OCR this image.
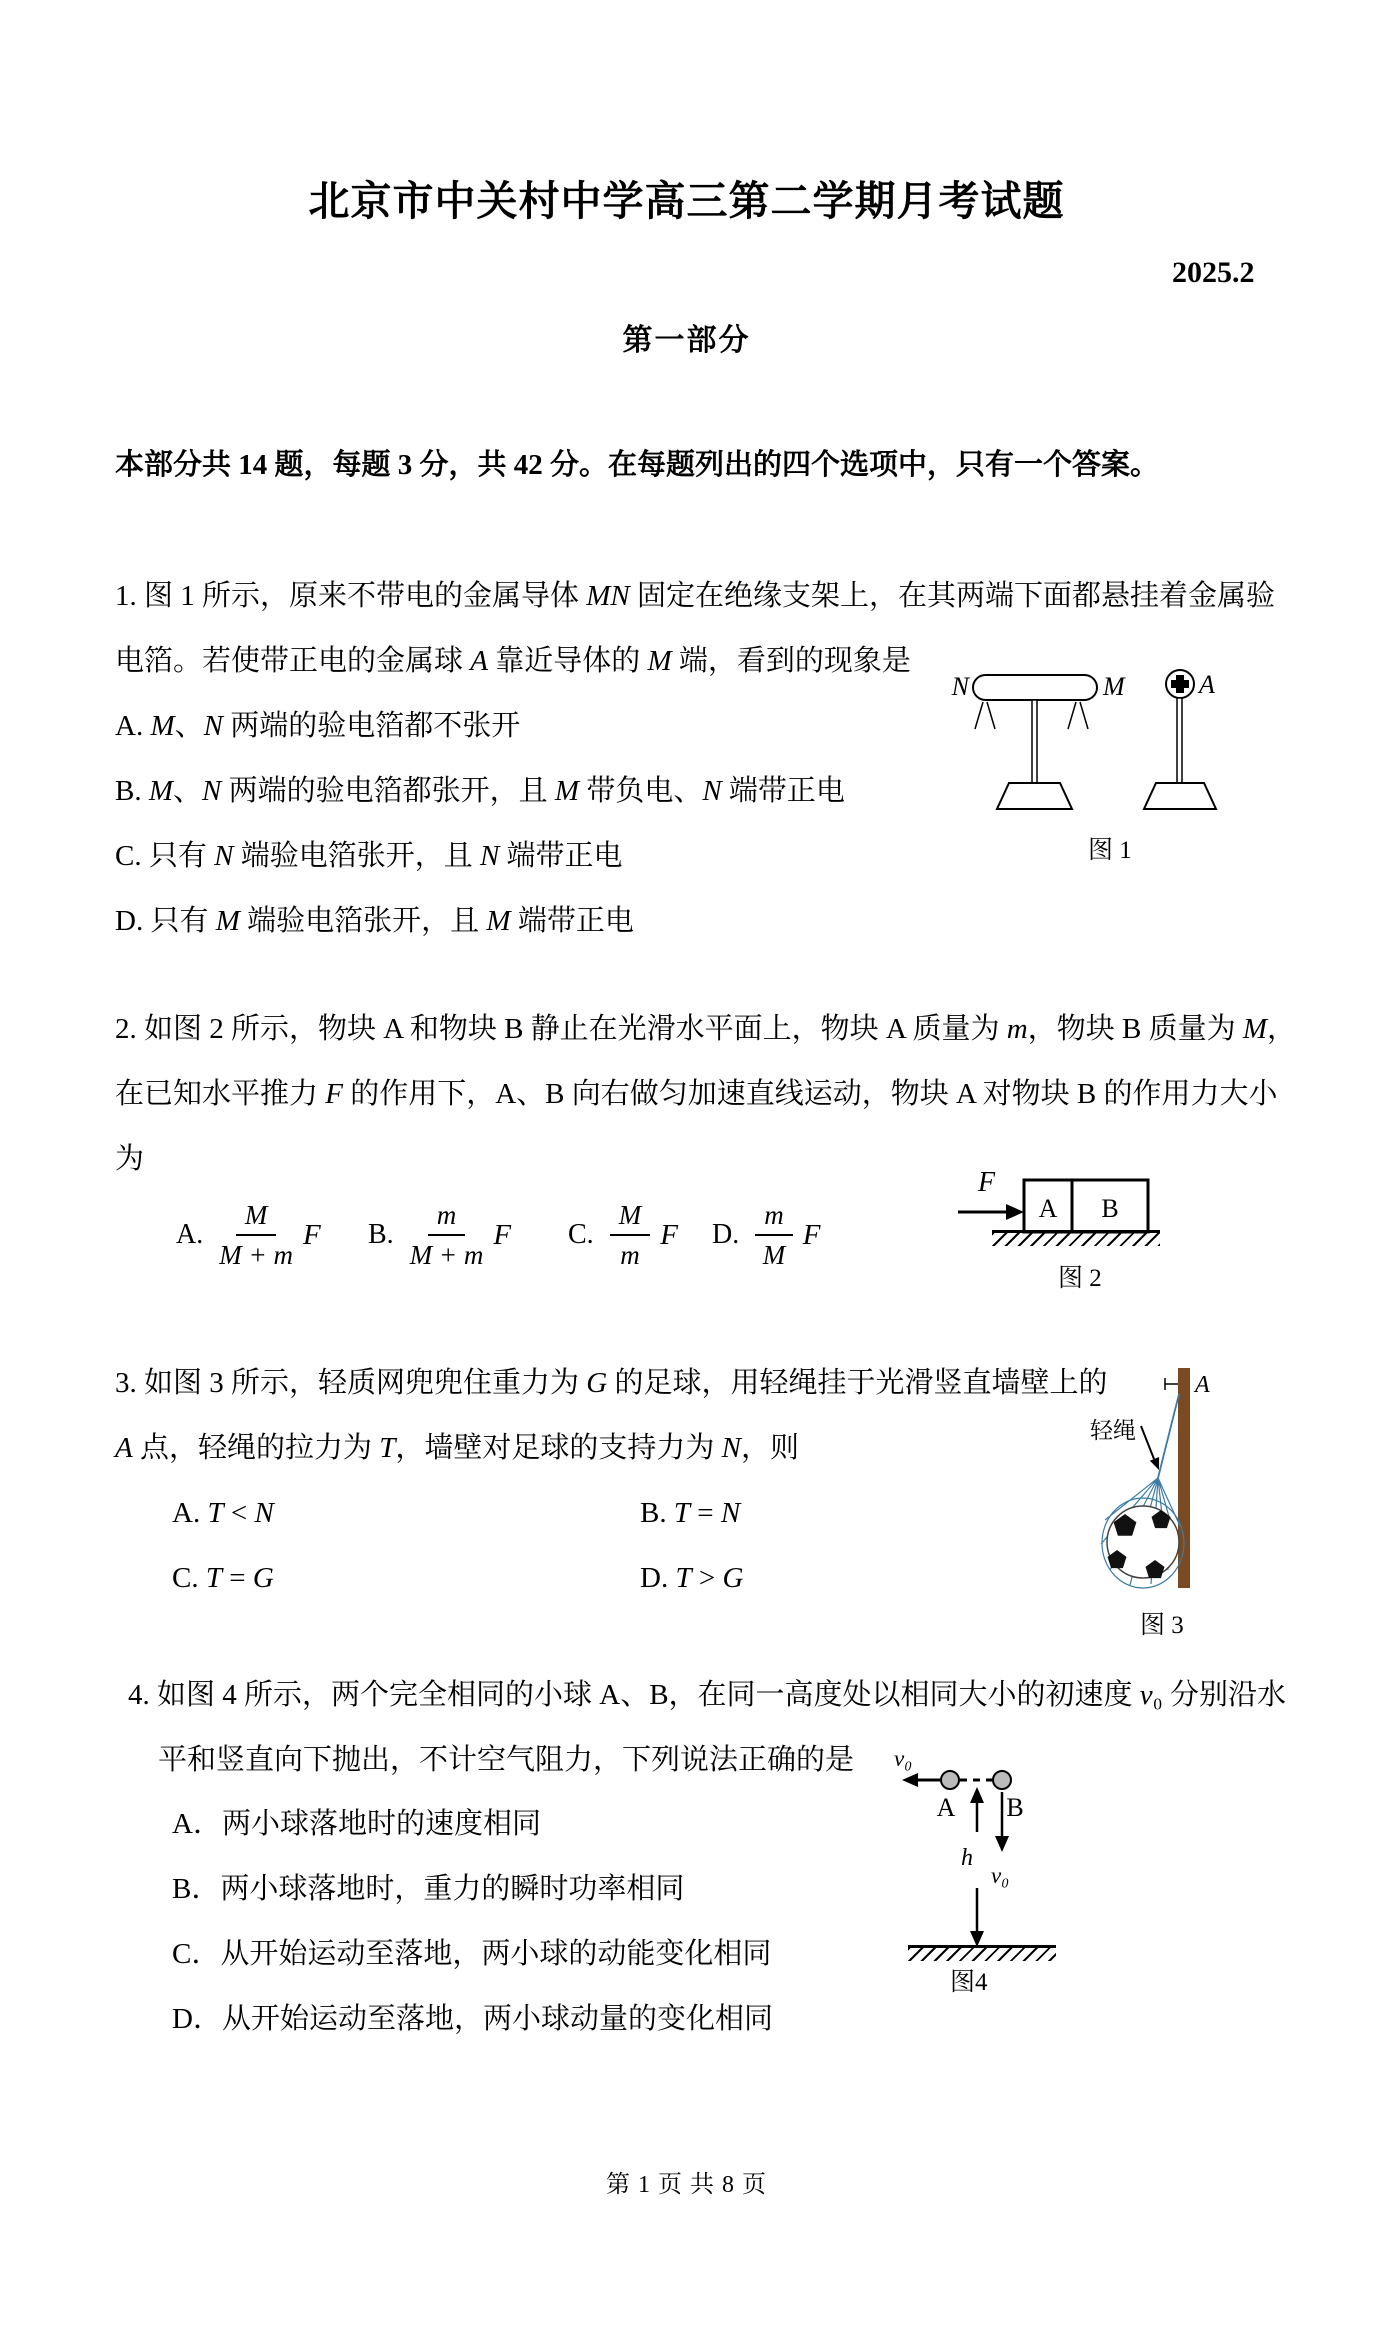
北京市中关村中学高三第二学期月考试题
2025.2
第一部分
本部分共 14 题，每题 3 分，共 42 分。在每题列出的四个选项中，只有一个答案。
1. 图 1 所示，原来不带电的金属导体 MN 固定在绝缘支架上，在其两端下面都悬挂着金属验
电箔。若使带正电的金属球 A 靠近导体的 M 端，看到的现象是
A. M、N 两端的验电箔都不张开
B. M、N 两端的验电箔都张开，且 M 带负电、N 端带正电
C. 只有 N 端验电箔张开，且 N 端带正电
D. 只有 M 端验电箔张开，且 M 端带正电
N	M	A
图 1
2. 如图 2 所示，物块 A 和物块 B 静止在光滑水平面上，物块 A 质量为 m，物块 B 质量为 M，
在已知水平推力 F 的作用下，A、B 向右做匀加速直线运动，物块 A 对物块 B 的作用力大小
为
A. $\frac{M}{M + m}$ F B. $\frac{m}{M + m}$ F C. $\frac{M}{m}$ F D. $\frac{m}{M}$ F
F
A B
图 2
3. 如图 3 所示，轻质网兜兜住重力为 G 的足球，用轻绳挂于光滑竖直墙壁上的
A 点，轻绳的拉力为 T，墙壁对足球的支持力为 N，则
A. T < N	B. T = N
C. T = G	D. T > G
A
轻绳
图 3
4. 如图 4 所示，两个完全相同的小球 A、B，在同一高度处以相同大小的初速度 v₀ 分别沿水
平和竖直向下抛出，不计空气阻力，下列说法正确的是
A．两小球落地时的速度相同
B．两小球落地时，重力的瞬时功率相同
C．从开始运动至落地，两小球的动能变化相同
D．从开始运动至落地，两小球动量的变化相同
v₀
A B
v₀
h
图4
第 1 页 共 8 页
